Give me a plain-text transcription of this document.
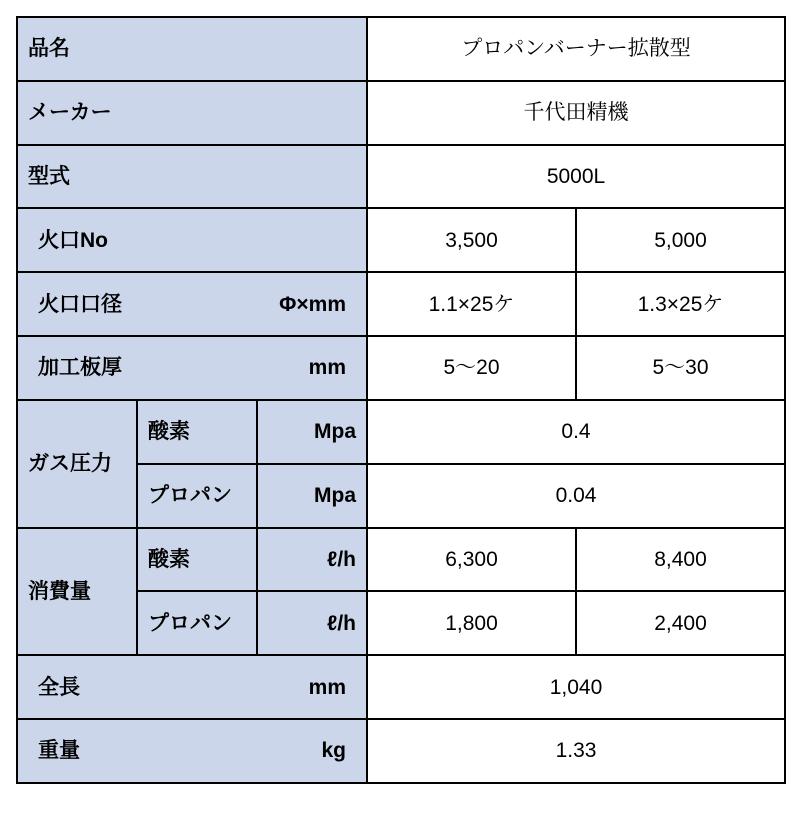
品名			プロパンバーナー拡散型	
メーカー			千代田精機	
型式			5000L	

火口No			3,500	5,000

火口口径 Φ×mm			1.1×25ケ	1.3×25ケ

加工板厚 mm			5〜20	5〜30
ガス圧力	酸素	Mpa	0.4	
	プロパン	Mpa	0.04	
消費量	酸素	ℓ/h	6,300	8,400
	プロパン	ℓ/h	1,800	2,400

全長 mm			1,040	

重量 kg			1.33	
